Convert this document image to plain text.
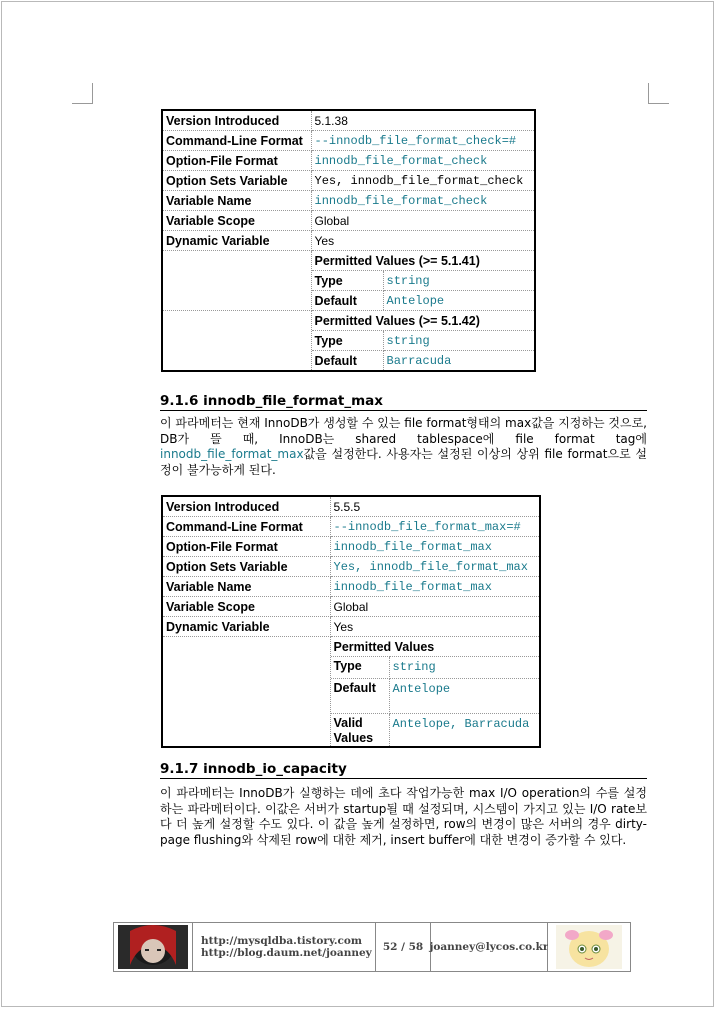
Version Introduced	5.1.38
Command-Line Format	--innodb_file_format_check=#
Option-File Format	innodb_file_format_check
Option Sets Variable	Yes, innodb_file_format_check
Variable Name	innodb_file_format_check
Variable Scope	Global
Dynamic Variable	Yes

Permitted Values (>= 5.1.41)
Type	string
Default	Antelope

Permitted Values (>= 5.1.42)
Type	string
Default	Barracuda
9.1.6 innodb_file_format_max
이 파라메터는 현재 InnoDB가 생성할 수 있는 file format형태의 max값을 지정하는 것으로, DB가 뜰 때, InnoDB는 shared tablespace에 file format tag에 innodb_file_format_max값을 설정한다. 사용자는 설정된 이상의 상위 file format으로 설정이 불가능하게 된다.
Version Introduced	5.5.5
Command-Line Format	--innodb_file_format_max=#
Option-File Format	innodb_file_format_max
Option Sets Variable	Yes, innodb_file_format_max
Variable Name	innodb_file_format_max
Variable Scope	Global
Dynamic Variable	Yes

Permitted Values
Type	string
Default	Antelope
Valid Values	Antelope, Barracuda
9.1.7 innodb_io_capacity
이 파라메터는 InnoDB가 실행하는 데에 초다 작업가능한 max I/O operation의 수를 설정하는 파라메터이다. 이값은 서버가 startup될 때 설정되며, 시스템이 가지고 있는 I/O rate보다 더 높게 설정할 수도 있다. 이 값을 높게 설정하면, row의 변경이 많은 서버의 경우 dirty-page flushing와 삭제된 row에 대한 제거, insert buffer에 대한 변경이 증가할 수 있다.
http://mysqldba.tistory.com
http://blog.daum.net/joanney	52 / 58 joanney@lycos.co.kr
